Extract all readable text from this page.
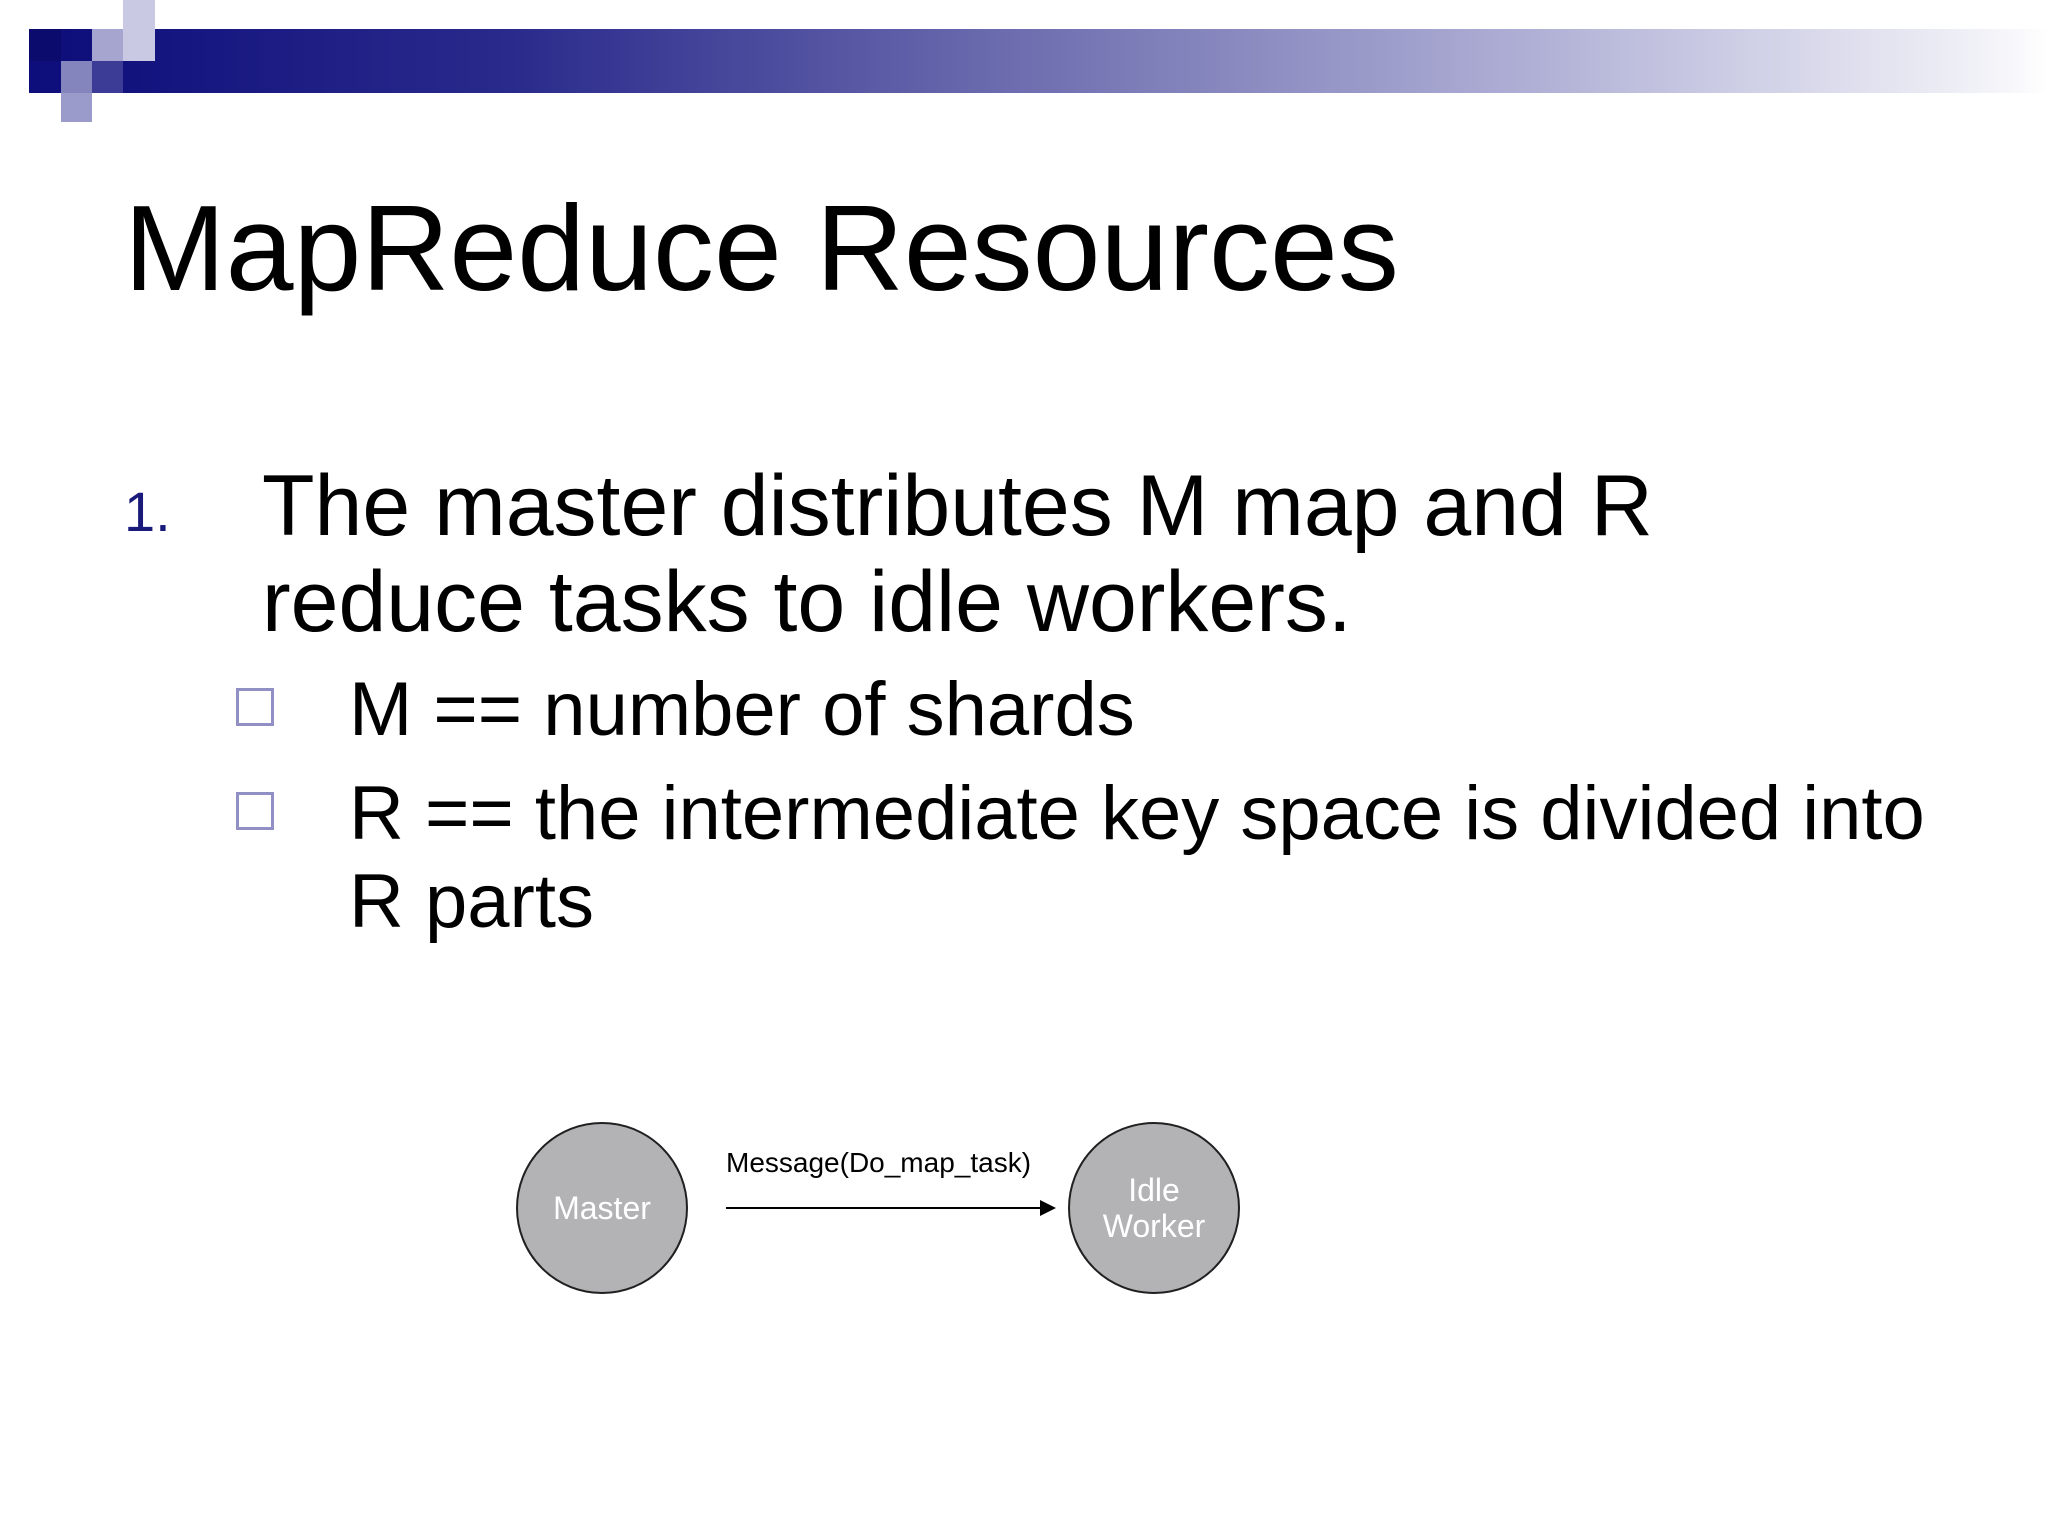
MapReduce Resources
1. The master distributes M map and R reduce tasks to idle workers.
M == number of shards
R == the intermediate key space is divided into R parts
Master
Message(Do_map_task)
Idle
Worker
